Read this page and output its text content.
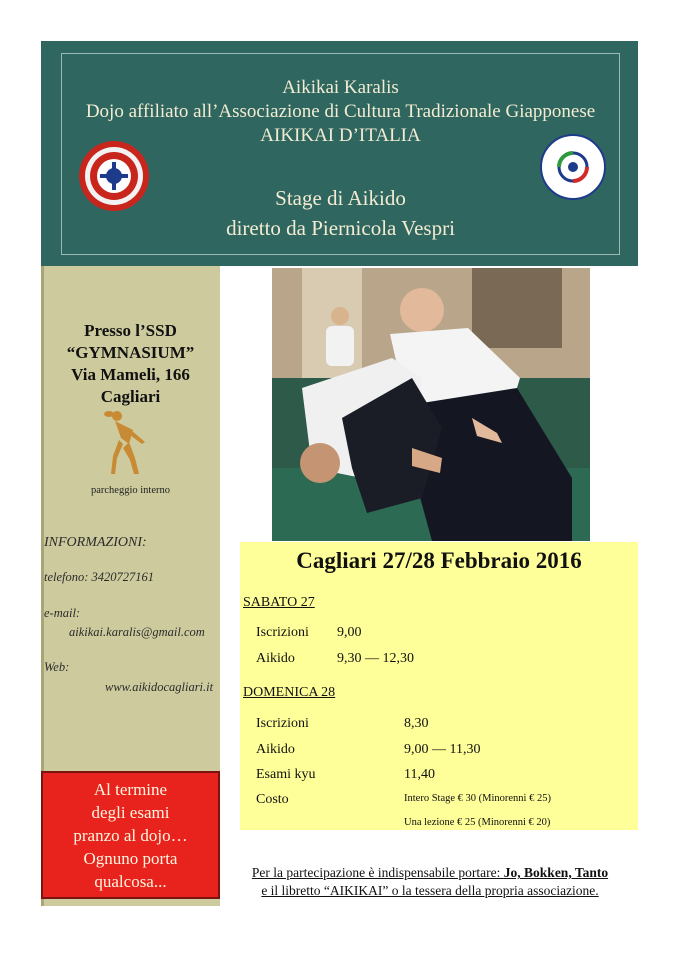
Aikikai Karalis
Dojo affiliato all’Associazione di Cultura Tradizionale Giapponese
AIKIKAI D’ITALIA
Stage di Aikido
diretto da Piernicola Vespri
Presso l’SSD
“GYMNASIUM”
Via Mameli, 166
Cagliari
parcheggio interno
INFORMAZIONI:
telefono: 3420727161
e-mail:
aikikai.karalis@gmail.com
Web:
www.aikidocagliari.it
Al termine
degli esami
pranzo al dojo…
Ognuno porta
qualcosa...
Cagliari 27/28 Febbraio 2016
SABATO 27
Iscrizioni 9,00
Aikido	9,30 — 12,30
DOMENICA 28
Iscrizioni	8,30
Aikido	9,00 — 11,30
Esami kyu	11,40
Costo	Intero Stage € 30 (Minorenni € 25)
Una lezione € 25 (Minorenni € 20)
Per la partecipazione è indispensabile portare: Jo, Bokken, Tanto
e il libretto “AIKIKAI” o la tessera della propria associazione.
